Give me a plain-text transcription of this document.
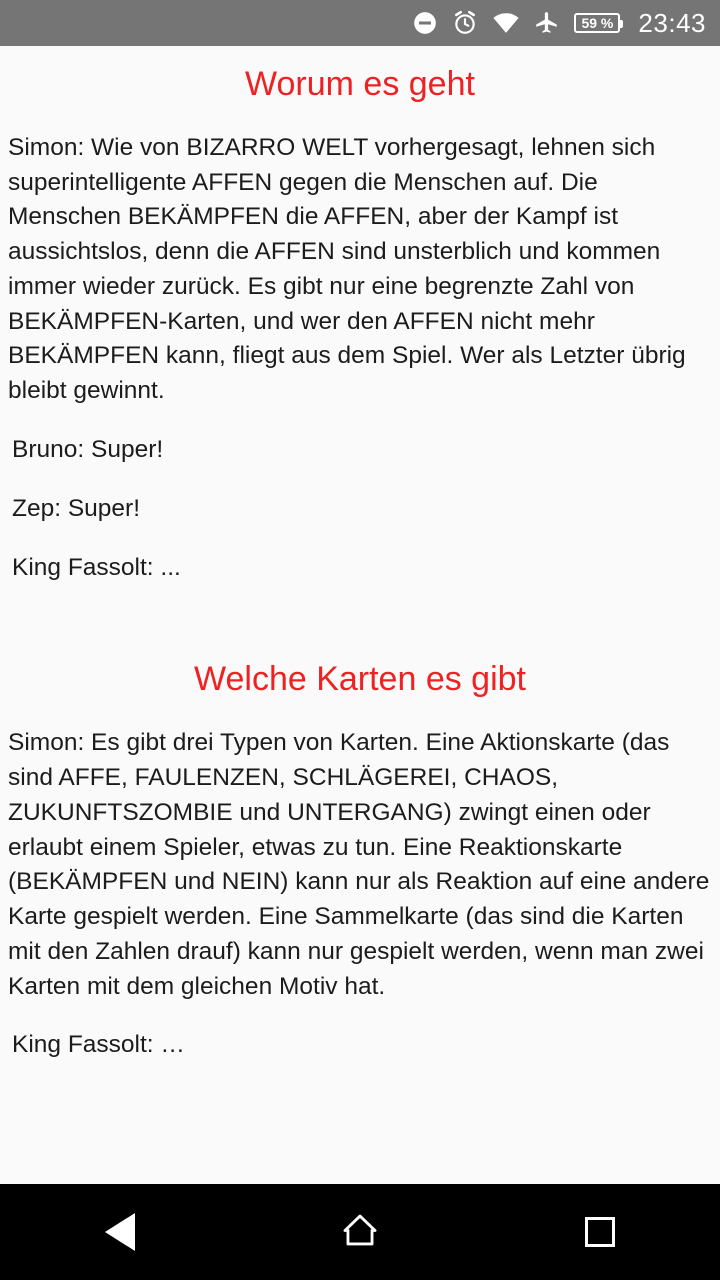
59 % 23:43
Worum es geht

Simon: Wie von BIZARRO WELT vorhergesagt, lehnen sich superintelligente AFFEN gegen die Menschen auf. Die Menschen BEKÄMPFEN die AFFEN, aber der Kampf ist aussichtslos, denn die AFFEN sind unsterblich und kommen immer wieder zurück. Es gibt nur eine begrenzte Zahl von BEKÄMPFEN-Karten, und wer den AFFEN nicht mehr BEKÄMPFEN kann, fliegt aus dem Spiel. Wer als Letzter übrig bleibt gewinnt.

Bruno: Super!

Zep: Super!

King Fassolt: ...

Welche Karten es gibt

Simon: Es gibt drei Typen von Karten. Eine Aktionskarte (das sind AFFE, FAULENZEN, SCHLÄGEREI, CHAOS, ZUKUNFTSZOMBIE und UNTERGANG) zwingt einen oder erlaubt einem Spieler, etwas zu tun. Eine Reaktionskarte (BEKÄMPFEN und NEIN) kann nur als Reaktion auf eine andere Karte gespielt werden. Eine Sammelkarte (das sind die Karten mit den Zahlen drauf) kann nur gespielt werden, wenn man zwei Karten mit dem gleichen Motiv hat.

King Fassolt: …
